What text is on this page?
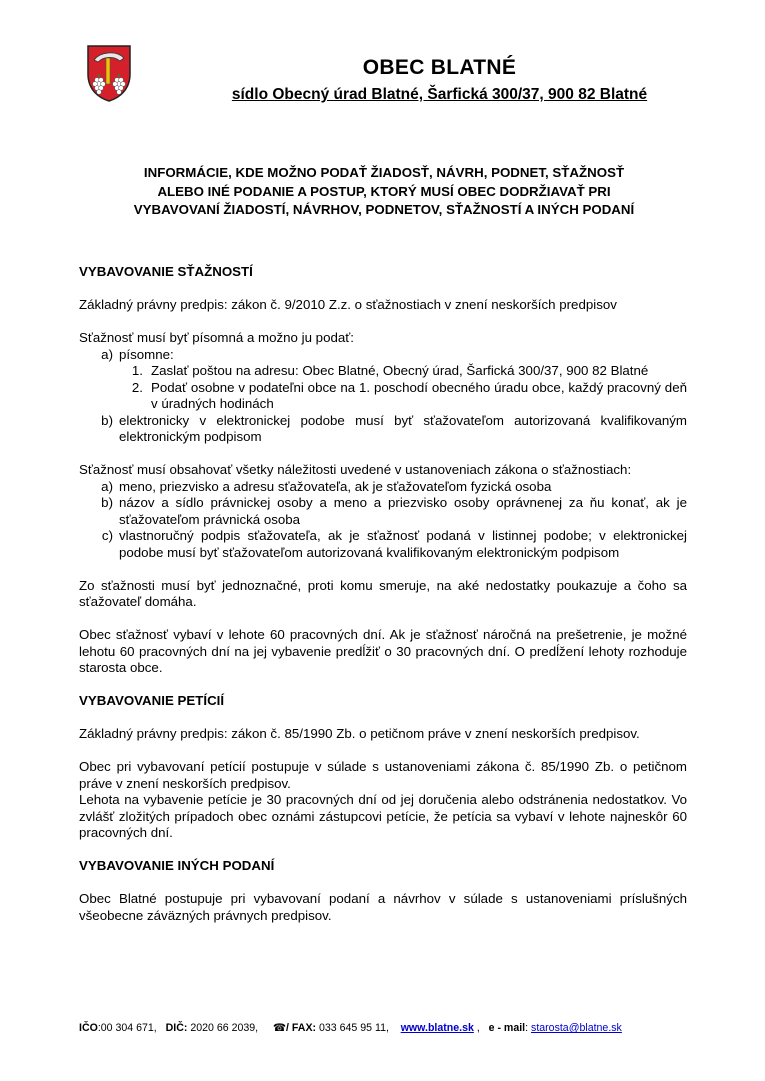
OBEC BLATNÉ
sídlo Obecný úrad Blatné, Šarfická 300/37, 900 82 Blatné
INFORMÁCIE, KDE MOŽNO PODAŤ ŽIADOSŤ, NÁVRH, PODNET, SŤAŽNOSŤ
ALEBO INÉ PODANIE A POSTUP, KTORÝ MUSÍ OBEC DODRŽIAVAŤ PRI
VYBAVOVANÍ ŽIADOSTÍ, NÁVRHOV, PODNETOV, SŤAŽNOSTÍ A INÝCH PODANÍ

VYBAVOVANIE SŤAŽNOSTÍ

Základný právny predpis: zákon č. 9/2010 Z.z. o sťažnostiach v znení neskorších predpisov

Sťažnosť musí byť písomná a možno ju podať:

a) písomne:
1. Zaslať poštou na adresu: Obec Blatné, Obecný úrad, Šarfická 300/37, 900 82 Blatné
2. Podať osobne v podateľni obce na 1. poschodí obecného úradu obce, každý pracovný deň v úradných hodinách
b) elektronicky v elektronickej podobe musí byť sťažovateľom autorizovaná kvalifikovaným elektronickým podpisom

Sťažnosť musí obsahovať všetky náležitosti uvedené v ustanoveniach zákona o sťažnostiach:

a) meno, priezvisko a adresu sťažovateľa, ak je sťažovateľom fyzická osoba
b) názov a sídlo právnickej osoby a meno a priezvisko osoby oprávnenej za ňu konať, ak je sťažovateľom právnická osoba
c) vlastnoručný podpis sťažovateľa, ak je sťažnosť podaná v listinnej podobe; v elektronickej podobe musí byť sťažovateľom autorizovaná kvalifikovaným elektronickým podpisom

Zo sťažnosti musí byť jednoznačné, proti komu smeruje, na aké nedostatky poukazuje a čoho sa sťažovateľ domáha.

Obec sťažnosť vybaví v lehote 60 pracovných dní. Ak je sťažnosť náročná na prešetrenie, je možné lehotu 60 pracovných dní na jej vybavenie predĺžiť o 30 pracovných dní. O predĺžení lehoty rozhoduje starosta obce.

VYBAVOVANIE PETÍCIÍ

Základný právny predpis: zákon č. 85/1990 Zb. o petičnom práve v znení neskorších predpisov.

Obec pri vybavovaní petícií postupuje v súlade s ustanoveniami zákona č. 85/1990 Zb. o petičnom práve v znení neskorších predpisov.

Lehota na vybavenie petície je 30 pracovných dní od jej doručenia alebo odstránenia nedostatkov. Vo zvlášť zložitých prípadoch obec oznámi zástupcovi petície, že petícia sa vybaví v lehote najneskôr 60 pracovných dní.

VYBAVOVANIE INÝCH PODANÍ

Obec Blatné postupuje pri vybavovaní podaní a návrhov v súlade s ustanoveniami príslušných všeobecne záväzných právnych predpisov.

IČO:00 304 671, DIČ: 2020 66 2039, ☎/ FAX: 033 645 95 11, www.blatne.sk ,   e - mail: starosta@blatne.sk
